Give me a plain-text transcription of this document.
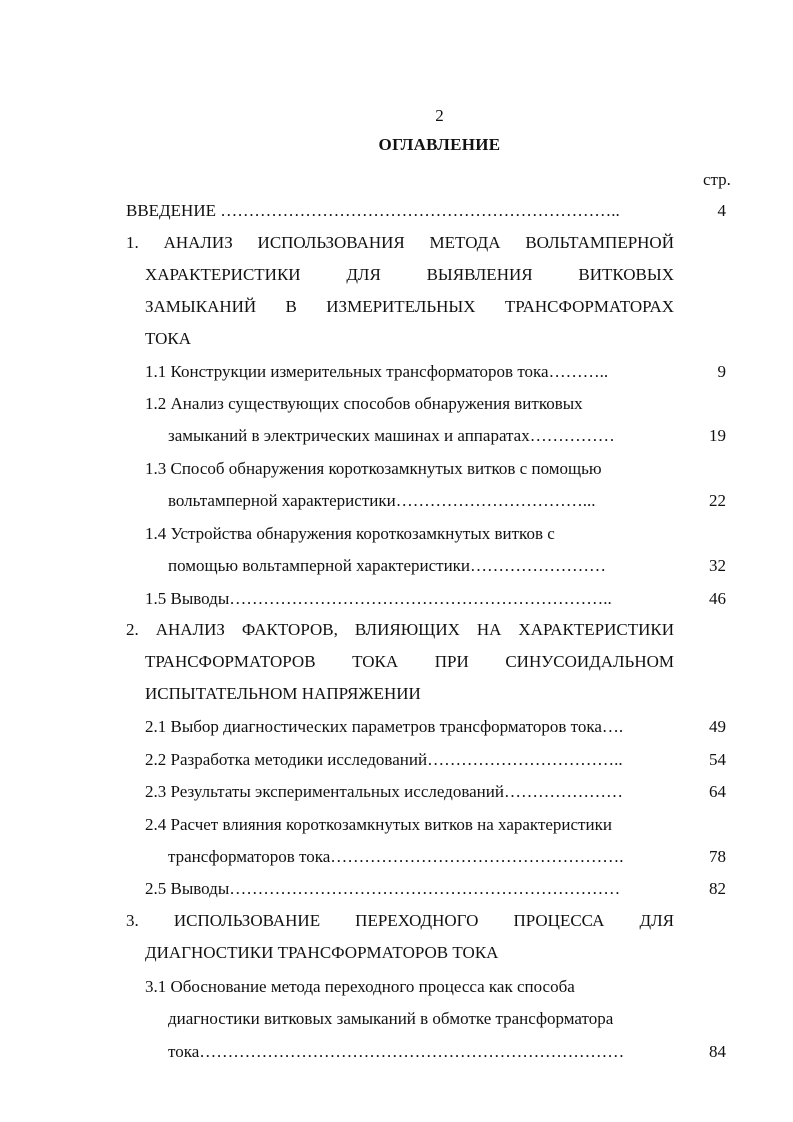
2
ОГЛАВЛЕНИЕ
стр.
ВВЕДЕНИЕ ……………………………………………………………..	4
1. АНАЛИЗ ИСПОЛЬЗОВАНИЯ МЕТОДА ВОЛЬТАМПЕРНОЙ
ХАРАКТЕРИСТИКИ ДЛЯ ВЫЯВЛЕНИЯ ВИТКОВЫХ
ЗАМЫКАНИЙ В ИЗМЕРИТЕЛЬНЫХ ТРАНСФОРМАТОРАХ
ТОКА
1.1 Конструкции измерительных трансформаторов тока………..	9
1.2 Анализ существующих способов обнаружения витковых
замыканий в электрических машинах и аппаратах……………	19
1.3 Способ обнаружения короткозамкнутых витков с помощью
вольтамперной характеристики……………………………...	22
1.4 Устройства обнаружения короткозамкнутых витков с
помощью вольтамперной характеристики……………………	32
1.5 Выводы…………………………………………………………..	46
2. АНАЛИЗ ФАКТОРОВ, ВЛИЯЮЩИХ НА ХАРАКТЕРИСТИКИ
ТРАНСФОРМАТОРОВ ТОКА ПРИ СИНУСОИДАЛЬНОМ
ИСПЫТАТЕЛЬНОМ НАПРЯЖЕНИИ
2.1 Выбор диагностических параметров трансформаторов тока….	49
2.2 Разработка методики исследований……………………………..	54
2.3 Результаты экспериментальных исследований…………………	64
2.4 Расчет влияния короткозамкнутых витков на характеристики
трансформаторов тока…………………………………………….	78
2.5 Выводы……………………………………………………………	82
3. ИСПОЛЬЗОВАНИЕ ПЕРЕХОДНОГО ПРОЦЕССА ДЛЯ
ДИАГНОСТИКИ ТРАНСФОРМАТОРОВ ТОКА
3.1 Обоснование метода переходного процесса как способа
диагностики витковых замыканий в обмотке трансформатора
тока…………………………………………………………………	84
